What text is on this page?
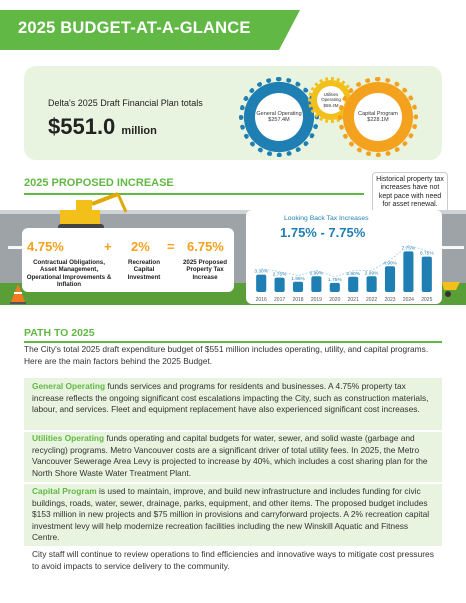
2025 BUDGET-AT-A-GLANCE
Delta's 2025 Draft Financial Plan totals
$551.0 million
General Operating
$257.4M
Utilities Operating
$69.4M
Capital Program
$228.1M
2025 PROPOSED INCREASE	Historical property tax increases have not kept pace with need for asset renewal.
4.75%	+ 2% = 6.75%
Contractual Obligations, Asset Management, Operational Improvements & Inflation
Recreation Capital Investment
2025 Proposed Property Tax Increase
Looking Back Tax Increases
1.75% - 7.75%
3.30%
2016
2.75%
2017
1.95%
2018
2.99%
2019
1.75%
2020
2.90%
2021
2.99%
2022
4.90%
2023
7.75%
2024
6.75%
2025
PATH TO 2025
The City's total 2025 draft expenditure budget of $551 million includes operating, utility, and capital programs. Here are the main factors behind the 2025 Budget.
General Operating funds services and programs for residents and businesses. A 4.75% property tax increase reflects the ongoing significant cost escalations impacting the City, such as construction materials, labour, and services. Fleet and equipment replacement have also experienced significant cost increases.
Utilities Operating funds operating and capital budgets for water, sewer, and solid waste (garbage and recycling) programs. Metro Vancouver costs are a significant driver of total utility fees. In 2025, the Metro Vancouver Sewerage Area Levy is projected to increase by 40%, which includes a cost sharing plan for the North Shore Waste Water Treatment Plant.
Capital Program is used to maintain, improve, and build new infrastructure and includes funding for civic buildings, roads, water, sewer, drainage, parks, equipment, and other items. The proposed budget includes $153 million in new projects and $75 million in provisions and carryforward projects. A 2% recreation capital investment levy will help modernize recreation facilities including the new Winskill Aquatic and Fitness Centre.
City staff will continue to review operations to find efficiencies and innovative ways to mitigate cost pressures to avoid impacts to service delivery to the community.
